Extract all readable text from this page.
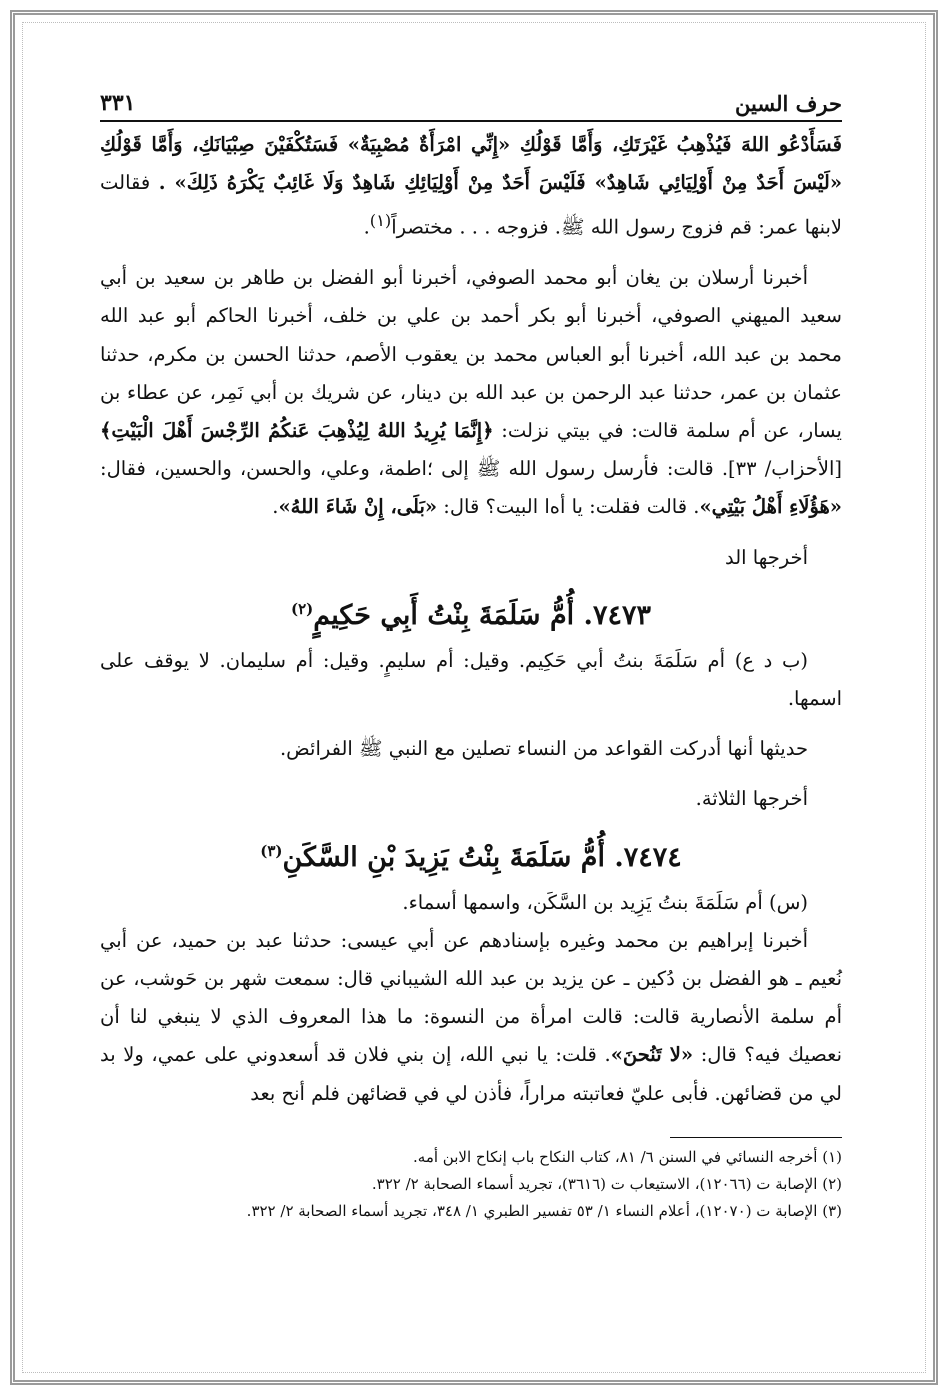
حرف السين
٣٣١

فَسَأَدْعُو اللهَ فَيُذْهِبُ غَيْرَتَكِ، وَأَمَّا قَوْلُكِ «إِنِّي امْرَأَةٌ مُصْبِيَةٌ» فَسَتُكْفَيْنَ صِبْيَانَكِ، وَأَمَّا قَوْلُكِ «لَيْسَ أَحَدٌ مِنْ أَوْلِيَائِي شَاهِدٌ» فَلَيْسَ أَحَدٌ مِنْ أَوْلِيَائِكِ شَاهِدٌ وَلَا غَائِبٌ يَكْرَهُ ذَلِكَ» . فقالت لابنها عمر: قم فزوج رسول الله ﷺ. فزوجه . . . مختصراً$^{(١)}$.

أخبرنا أرسلان بن يغان أبو محمد الصوفي، أخبرنا أبو الفضل بن طاهر بن سعيد بن أبي سعيد الميهني الصوفي، أخبرنا أبو بكر أحمد بن علي بن خلف، أخبرنا الحاكم أبو عبد الله محمد بن عبد الله، أخبرنا أبو العباس محمد بن يعقوب الأصم، حدثنا الحسن بن مكرم، حدثنا عثمان بن عمر، حدثنا عبد الرحمن بن عبد الله بن دينار، عن شريك بن أبي نَمِر، عن عطاء بن يسار، عن أم سلمة قالت: في بيتي نزلت: ﴿إِنَّمَا يُرِيدُ اللهُ لِيُذْهِبَ عَنكُمُ الرِّجْسَ أَهْلَ الْبَيْتِ﴾ [الأحزاب/ ٣٣]. قالت: فأرسل رسول الله ﷺ إلى ؛اطمة، وعلي، والحسن، والحسين، فقال: «هَؤُلَاءِ أَهْلُ بَيْتِي». قالت فقلت: يا أه‌ا البيت؟ قال: «بَلَى، إِنْ شَاءَ اللهُ».

أخرجها الد

٧٤٧٣. أُمُّ سَلَمَةَ بِنْتُ أَبِي حَكِيمٍ$^{(٢)}$

(ب د ع) أم سَلَمَةَ بنتُ أبي حَكِيم. وقيل: أم سليمٍ. وقيل: أم سليمان. لا يوقف على اسمها.

حديثها أنها أدركت القواعد من النساء تصلين مع النبي ﷺ الفرائض.

أخرجها الثلاثة.

٧٤٧٤. أُمُّ سَلَمَةَ بِنْتُ يَزِيدَ بْنِ السَّكَنِ$^{(٣)}$

(س) أم سَلَمَةَ بنتُ يَزِيد بن السَّكَن، واسمها أسماء.

أخبرنا إبراهيم بن محمد وغيره بإسنادهم عن أبي عيسى: حدثنا عبد بن حميد، عن أبي نُعيم ـ هو الفضل بن دُكين ـ عن يزيد بن عبد الله الشيباني قال: سمعت شهر بن حَوشب، عن أم سلمة الأنصارية قالت: قالت امرأة من النسوة: ما هذا المعروف الذي لا ينبغي لنا أن نعصيك فيه؟ قال: «لا تَنُحنَ». قلت: يا نبي الله، إن بني فلان قد أسعدوني على عمي، ولا بد لي من قضائهن. فأبى عليّ فعاتبته مراراً، فأذن لي في قضائهن فلم أنح بعد

(١) أخرجه النسائي في السنن ٦/ ٨١، كتاب النكاح باب إنكاح الابن أمه.

(٢) الإصابة ت (١٢٠٦٦)، الاستيعاب ت (٣٦١٦)، تجريد أسماء الصحابة ٢/ ٣٢٢.

(٣) الإصابة ت (١٢٠٧٠)، أعلام النساء ١/ ٥٣ تفسير الطبري ١/ ٣٤٨، تجريد أسماء الصحابة ٢/ ٣٢٢.
